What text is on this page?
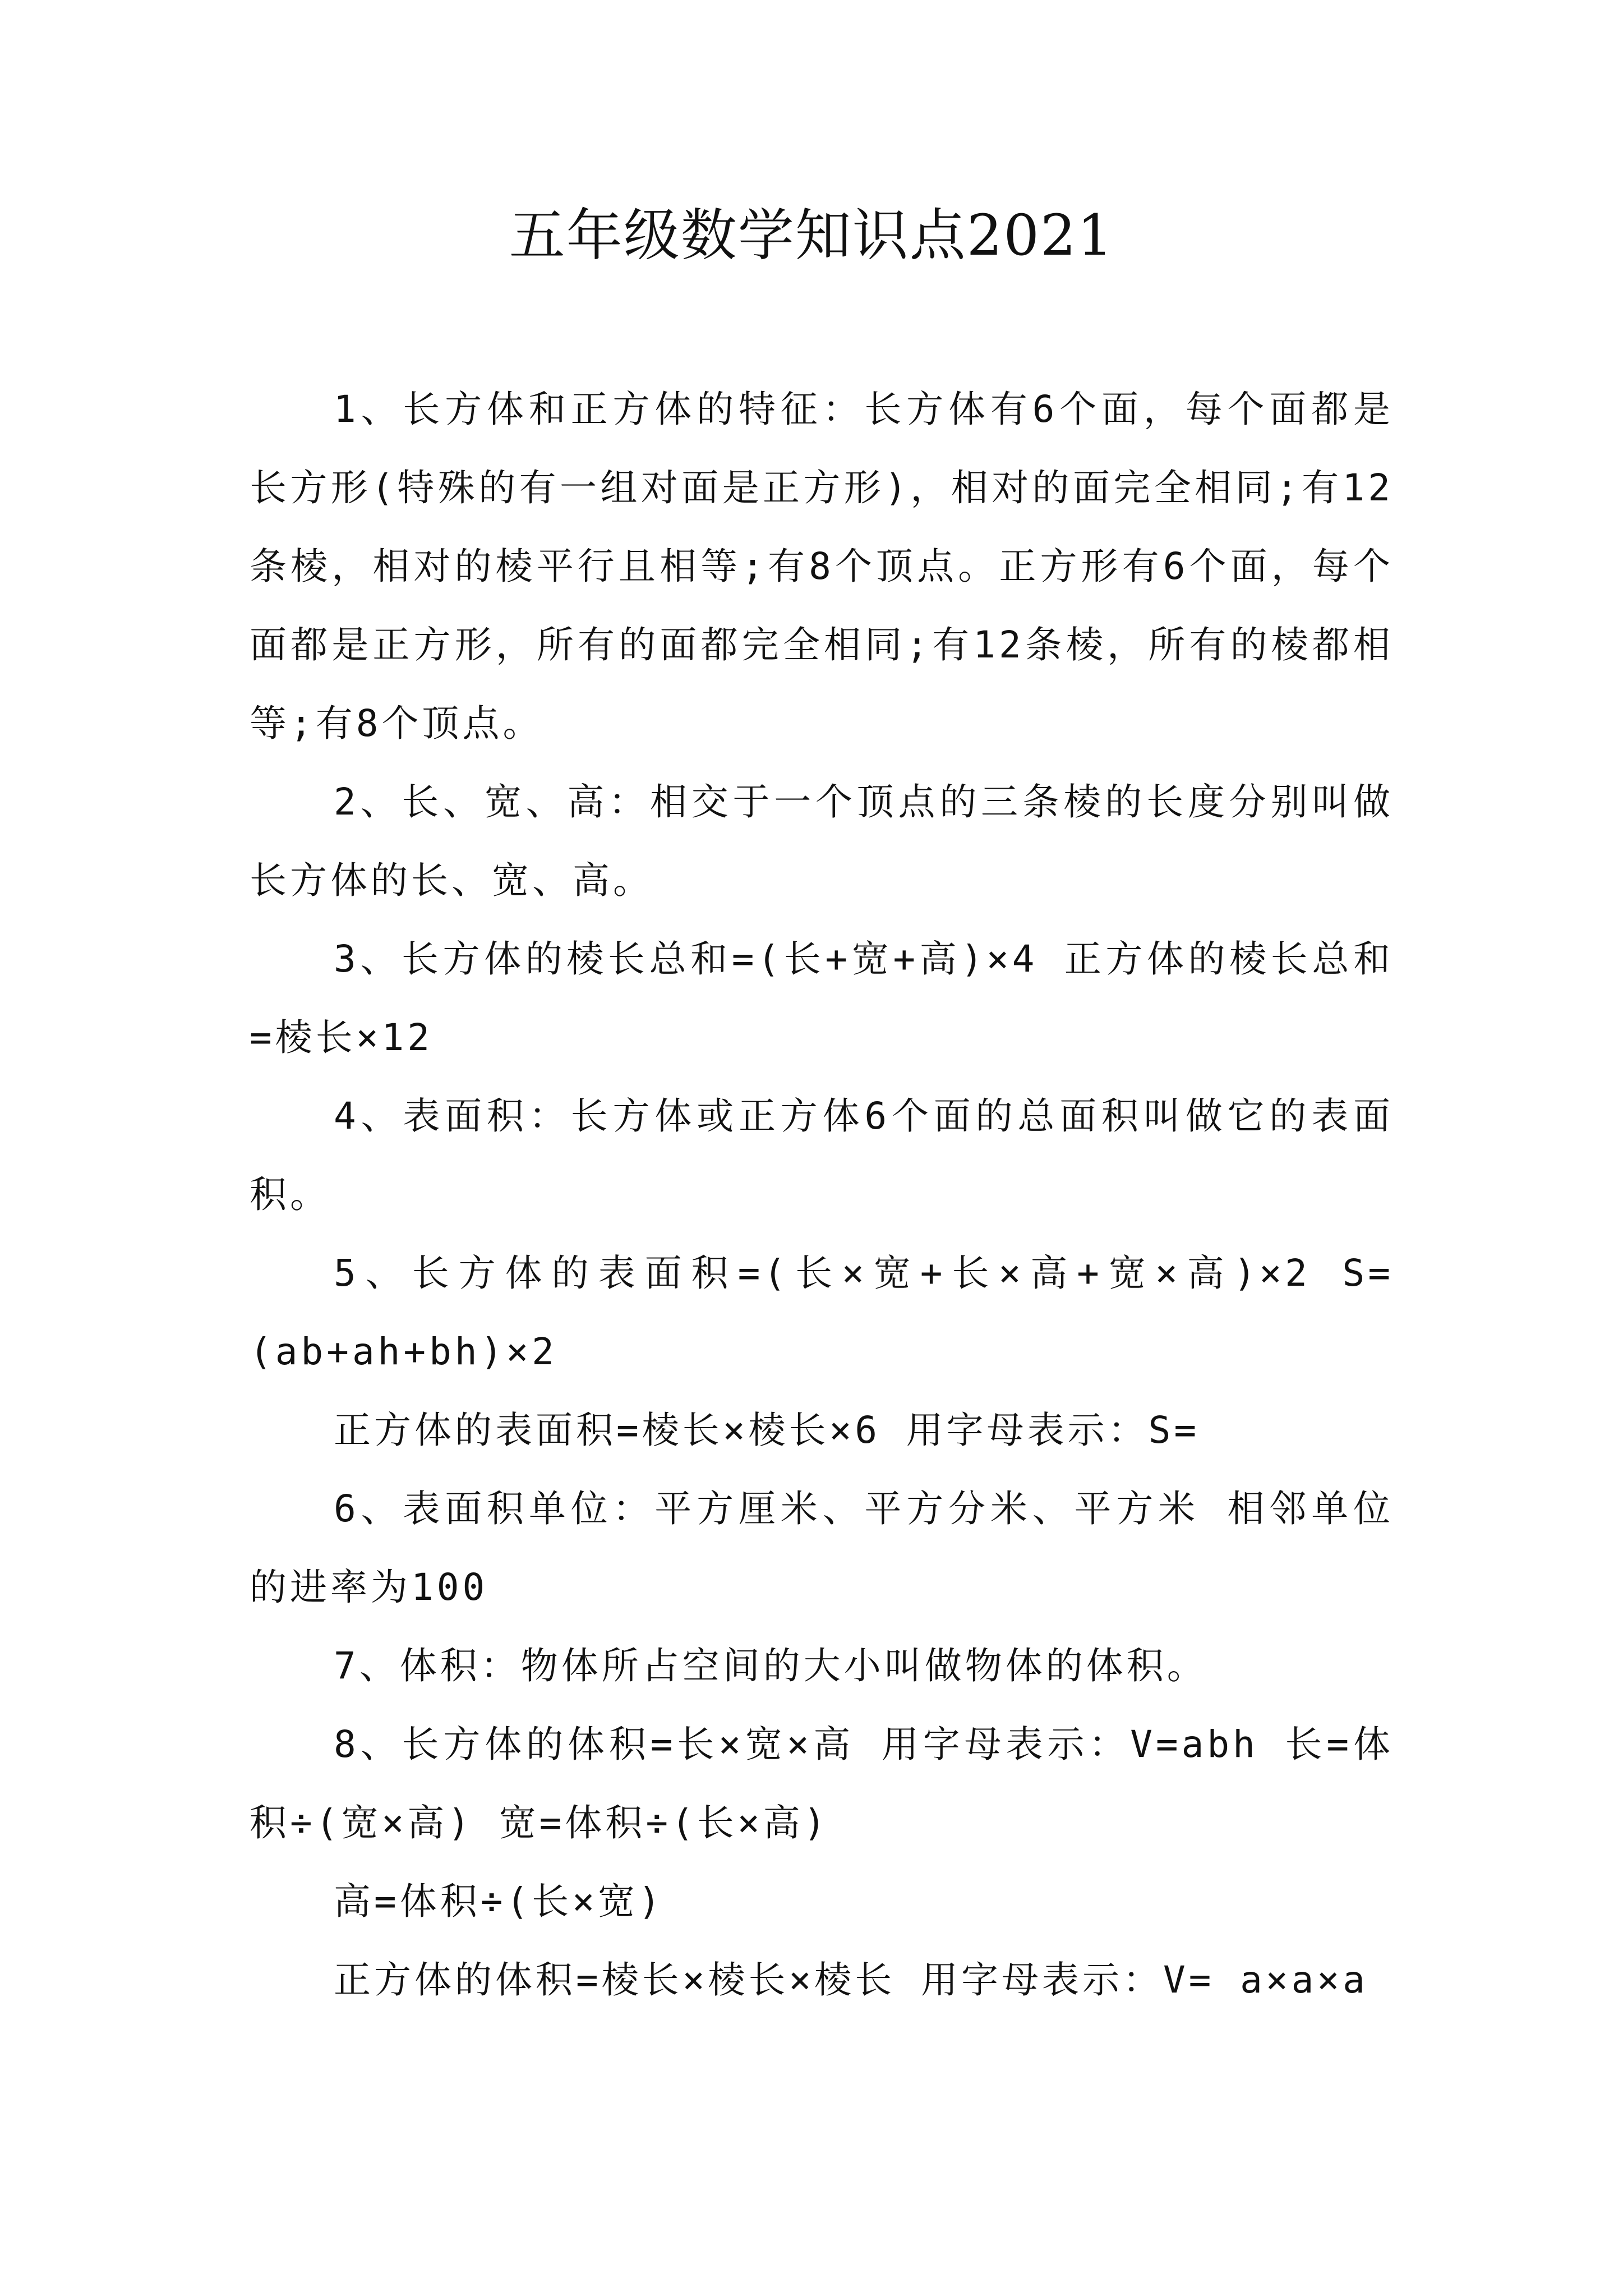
五年级数学知识点2021

1、长方体和正方体的特征：长方体有6个面，每个面都是长方形(特殊的有一组对面是正方形)，相对的面完全相同;有12条棱，相对的棱平行且相等;有8个顶点。正方形有6个面，每个面都是正方形，所有的面都完全相同;有12条棱，所有的棱都相等;有8个顶点。

2、长、宽、高：相交于一个顶点的三条棱的长度分别叫做长方体的长、宽、高。

3、长方体的棱长总和=(长+宽+高)×4 正方体的棱长总和=棱长×12

4、表面积：长方体或正方体6个面的总面积叫做它的表面积。

5、长方体的表面积=(长×宽+长×高+宽×高)×2 S=(ab+ah+bh)×2

正方体的表面积=棱长×棱长×6 用字母表示：S=

6、表面积单位：平方厘米、平方分米、平方米 相邻单位的进率为100

7、体积：物体所占空间的大小叫做物体的体积。

8、长方体的体积=长×宽×高 用字母表示：V=abh 长=体积÷(宽×高) 宽=体积÷(长×高)

高=体积÷(长×宽)

正方体的体积=棱长×棱长×棱长 用字母表示：V= a×a×a
